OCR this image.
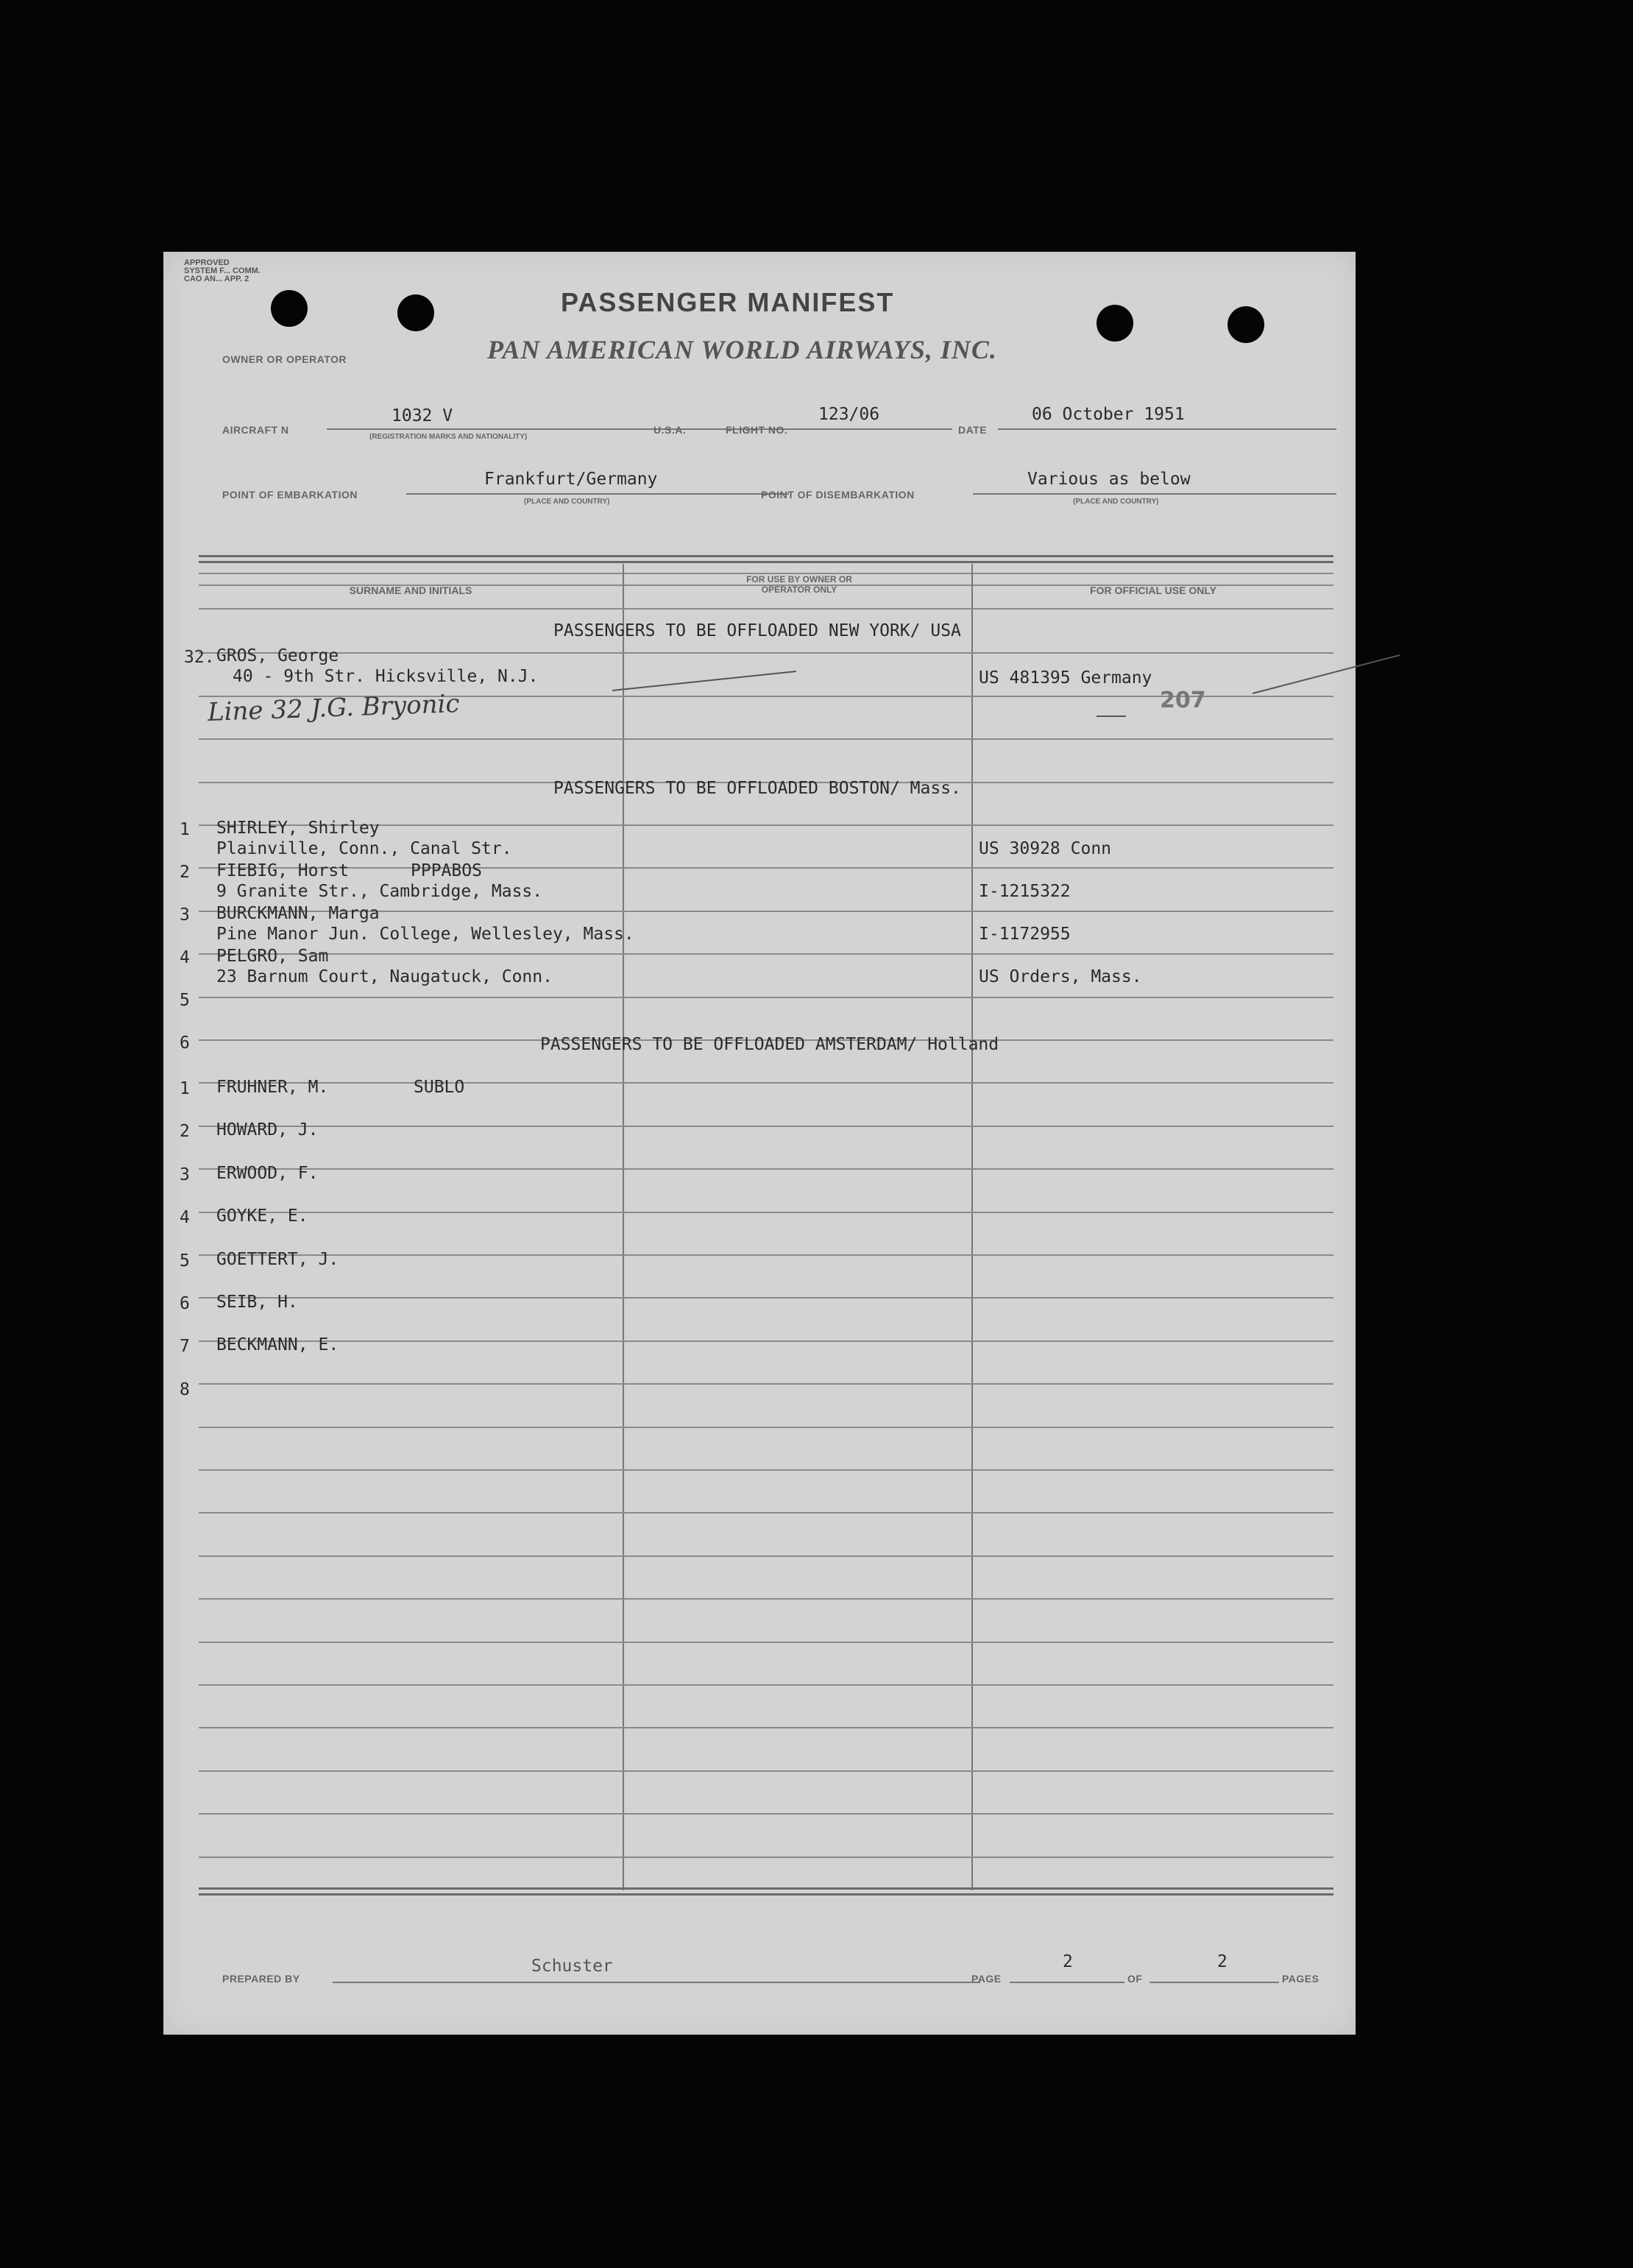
APPROVED
SYSTEM F... COMM.
CAO AN... APP. 2
PASSENGER MANIFEST
OWNER OR OPERATOR	PAN AMERICAN WORLD AIRWAYS, INC.
AIRCRAFT N
1032 V
(REGISTRATION MARKS AND NATIONALITY)
U.S.A.	FLIGHT NO.
123/06
DATE
06 October 1951
POINT OF EMBARKATION
Frankfurt/Germany
(PLACE AND COUNTRY)
POINT OF DISEMBARKATION
Various as below
(PLACE AND COUNTRY)
SURNAME AND INITIALS
FOR USE BY OWNER OR OPERATOR ONLY	FOR OFFICIAL USE ONLY
PASSENGERS TO BE OFFLOADED NEW YORK/ USA
32. GROS, George
40 - 9th Str. Hicksville, N.J.	US 481395 Germany
Line 32 J.G. Bryonic	207
PASSENGERS TO BE OFFLOADED BOSTON/ Mass.
1 SHIRLEY, Shirley
Plainville, Conn., Canal Str.	US 30928 Conn
2 FIEBIG, Horst	PPPABOS
9 Granite Str., Cambridge, Mass.	I-1215322
3 BURCKMANN, Marga
Pine Manor Jun. College, Wellesley, Mass.	I-1172955
4 PELGRO, Sam
23 Barnum Court, Naugatuck, Conn.	US Orders, Mass.
5
6	PASSENGERS TO BE OFFLOADED AMSTERDAM/ Holland
1 FRUHNER, M.	SUBLO
2 HOWARD, J.
3 ERWOOD, F.
4 GOYKE, E.
5 GOETTERT, J.
6 SEIB, H.
7 BECKMANN, E.
8
PREPARED BY
Schuster
PAGE
2
OF
2
PAGES
